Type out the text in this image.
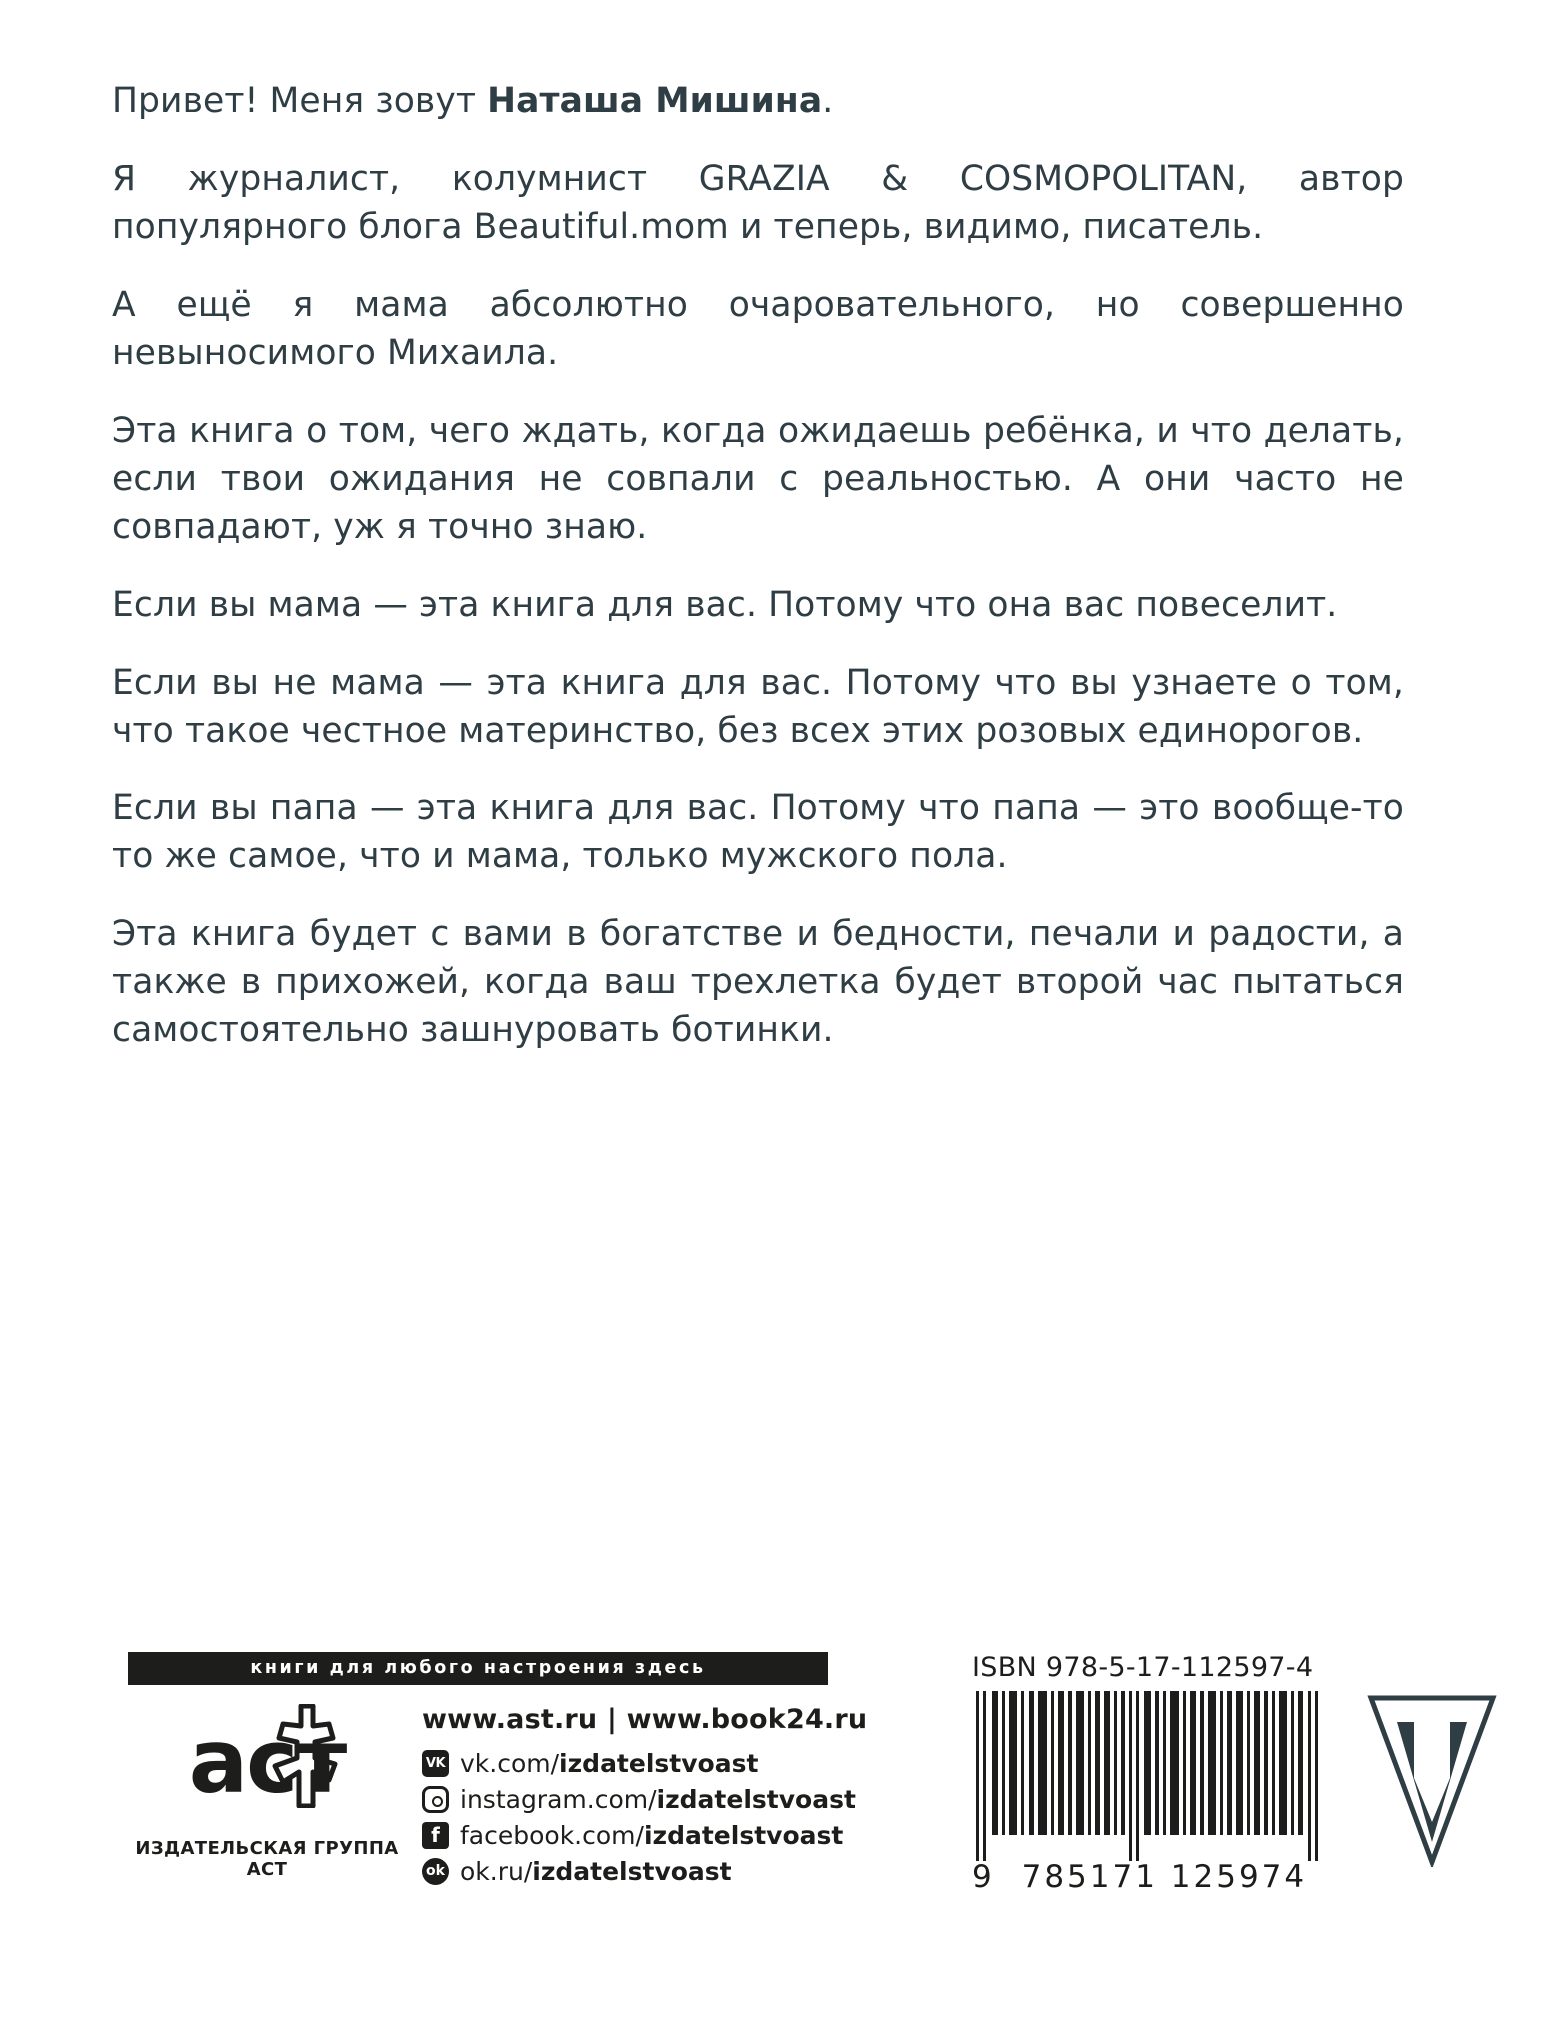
Привет! Меня зовут Наташа Мишина.

Я журналист, колумнист GRAZIA & COSMOPOLITAN, автор популярного блога Beautiful.mom и теперь, видимо, писатель.

А ещё я мама абсолютно очаровательного, но совершенно невыносимого Михаила.

Эта книга о том, чего ждать, когда ожидаешь ребёнка, и что делать, если твои ожидания не совпали с реальностью. А они часто не совпадают, уж я точно знаю.

Если вы мама — эта книга для вас. Потому что она вас повеселит.

Если вы не мама — эта книга для вас. Потому что вы узнаете о том, что такое честное материнство, без всех этих розовых единорогов.

Если вы папа — эта книга для вас. Потому что папа — это вообще-то то же самое, что и мама, только мужского пола.

Эта книга будет с вами в богатстве и бедности, печали и радости, а также в прихожей, когда ваш трехлетка будет второй час пытаться самостоятельно зашнуровать ботинки.

книги для любого настроения здесь
аст
ИЗДАТЕЛЬСКАЯ ГРУППА АСТ
www.ast.ru | www.book24.ru
VK
vk.com/izdatelstvoast
instagram.com/izdatelstvoast
f
facebook.com/izdatelstvoast
ok
ok.ru/izdatelstvoast
ISBN 978-5-17-112597-4
9 785171 125974
